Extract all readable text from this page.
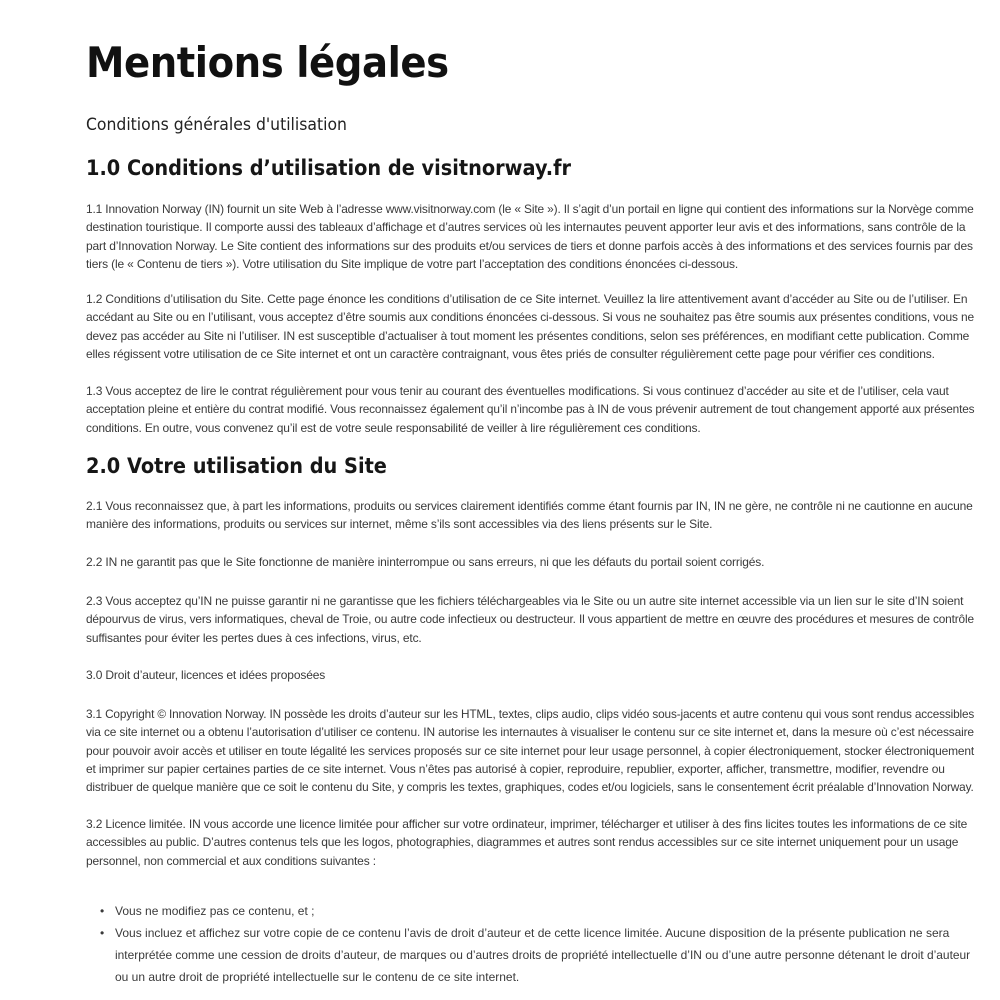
Mentions légales
Conditions générales d'utilisation
1.0 Conditions d’utilisation de visitnorway.fr

1.1 Innovation Norway (IN) fournit un site Web à l’adresse www.visitnorway.com (le « Site »). Il s’agit d’un portail en ligne qui contient des informations sur la Norvège comme
destination touristique. Il comporte aussi des tableaux d’affichage et d’autres services où les internautes peuvent apporter leur avis et des informations, sans contrôle de la
part d’Innovation Norway. Le Site contient des informations sur des produits et/ou services de tiers et donne parfois accès à des informations et des services fournis par des
tiers (le « Contenu de tiers »). Votre utilisation du Site implique de votre part l’acceptation des conditions énoncées ci-dessous.

1.2 Conditions d’utilisation du Site. Cette page énonce les conditions d’utilisation de ce Site internet. Veuillez la lire attentivement avant d’accéder au Site ou de l’utiliser. En
accédant au Site ou en l’utilisant, vous acceptez d’être soumis aux conditions énoncées ci-dessous. Si vous ne souhaitez pas être soumis aux présentes conditions, vous ne
devez pas accéder au Site ni l’utiliser. IN est susceptible d’actualiser à tout moment les présentes conditions, selon ses préférences, en modifiant cette publication. Comme
elles régissent votre utilisation de ce Site internet et ont un caractère contraignant, vous êtes priés de consulter régulièrement cette page pour vérifier ces conditions.

1.3 Vous acceptez de lire le contrat régulièrement pour vous tenir au courant des éventuelles modifications. Si vous continuez d’accéder au site et de l’utiliser, cela vaut
acceptation pleine et entière du contrat modifié. Vous reconnaissez également qu’il n’incombe pas à IN de vous prévenir autrement de tout changement apporté aux présentes
conditions. En outre, vous convenez qu’il est de votre seule responsabilité de veiller à lire régulièrement ces conditions.

2.0 Votre utilisation du Site

2.1 Vous reconnaissez que, à part les informations, produits ou services clairement identifiés comme étant fournis par IN, IN ne gère, ne contrôle ni ne cautionne en aucune
manière des informations, produits ou services sur internet, même s’ils sont accessibles via des liens présents sur le Site.

2.2 IN ne garantit pas que le Site fonctionne de manière ininterrompue ou sans erreurs, ni que les défauts du portail soient corrigés.

2.3 Vous acceptez qu’IN ne puisse garantir ni ne garantisse que les fichiers téléchargeables via le Site ou un autre site internet accessible via un lien sur le site d’IN soient
dépourvus de virus, vers informatiques, cheval de Troie, ou autre code infectieux ou destructeur. Il vous appartient de mettre en œuvre des procédures et mesures de contrôle
suffisantes pour éviter les pertes dues à ces infections, virus, etc.

3.0 Droit d’auteur, licences et idées proposées

3.1 Copyright © Innovation Norway. IN possède les droits d’auteur sur les HTML, textes, clips audio, clips vidéo sous-jacents et autre contenu qui vous sont rendus accessibles
via ce site internet ou a obtenu l’autorisation d’utiliser ce contenu. IN autorise les internautes à visualiser le contenu sur ce site internet et, dans la mesure où c’est nécessaire
pour pouvoir avoir accès et utiliser en toute légalité les services proposés sur ce site internet pour leur usage personnel, à copier électroniquement, stocker électroniquement
et imprimer sur papier certaines parties de ce site internet. Vous n’êtes pas autorisé à copier, reproduire, republier, exporter, afficher, transmettre, modifier, revendre ou
distribuer de quelque manière que ce soit le contenu du Site, y compris les textes, graphiques, codes et/ou logiciels, sans le consentement écrit préalable d’Innovation Norway.

3.2 Licence limitée. IN vous accorde une licence limitée pour afficher sur votre ordinateur, imprimer, télécharger et utiliser à des fins licites toutes les informations de ce site
accessibles au public. D’autres contenus tels que les logos, photographies, diagrammes et autres sont rendus accessibles sur ce site internet uniquement pour un usage
personnel, non commercial et aux conditions suivantes :

• Vous ne modifiez pas ce contenu, et ;
• Vous incluez et affichez sur votre copie de ce contenu l’avis de droit d’auteur et de cette licence limitée. Aucune disposition de la présente publication ne sera
interprétée comme une cession de droits d’auteur, de marques ou d’autres droits de propriété intellectuelle d’IN ou d’une autre personne détenant le droit d’auteur
ou un autre droit de propriété intellectuelle sur le contenu de ce site internet.
